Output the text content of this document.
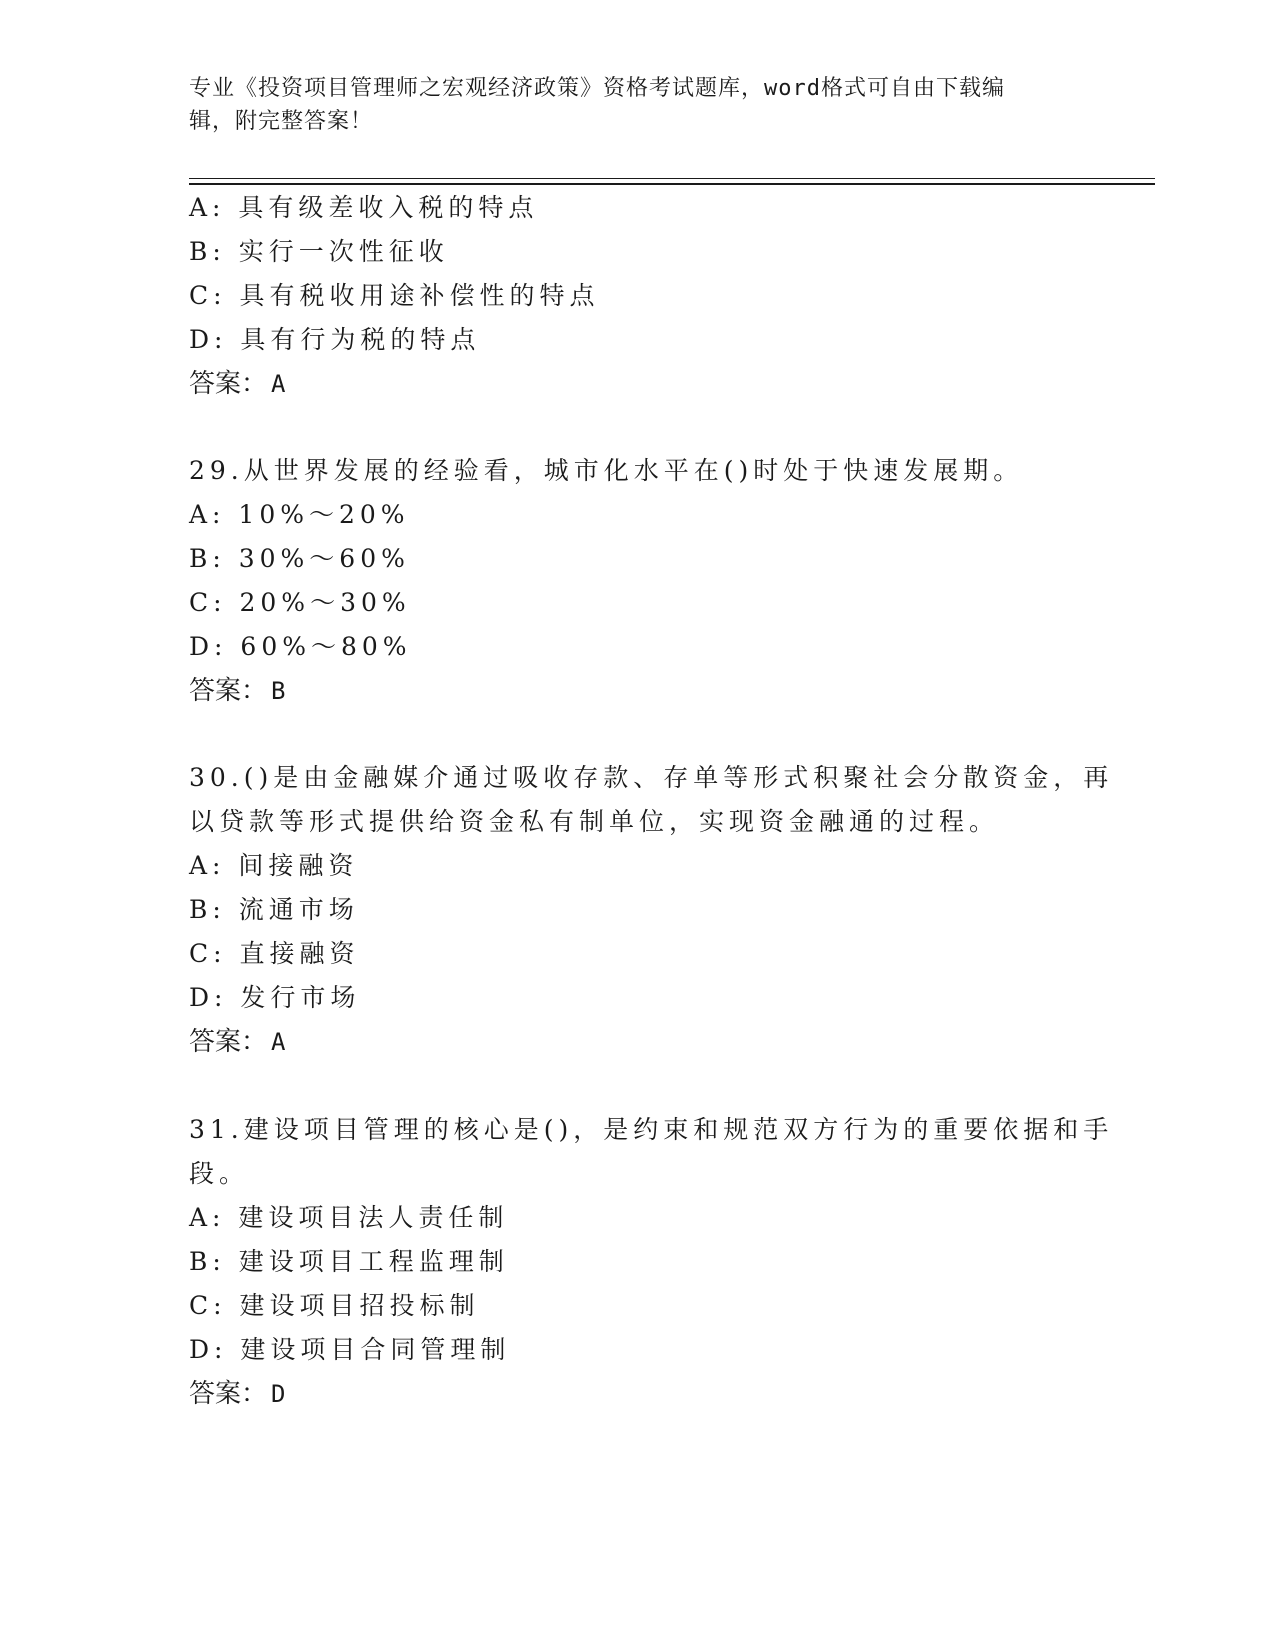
专业《投资项目管理师之宏观经济政策》资格考试题库，word格式可自由下载编
辑，附完整答案！
A: 具有级差收入税的特点
B: 实行一次性征收
C: 具有税收用途补偿性的特点
D: 具有行为税的特点
答案： A
29.从世界发展的经验看，城市化水平在()时处于快速发展期。
A: 10%～20%
B: 30%～60%
C: 20%～30%
D: 60%～80%
答案： B
30.()是由金融媒介通过吸收存款、存单等形式积聚社会分散资金，再
以贷款等形式提供给资金私有制单位，实现资金融通的过程。
A: 间接融资
B: 流通市场
C: 直接融资
D: 发行市场
答案： A
31.建设项目管理的核心是()，是约束和规范双方行为的重要依据和手
段。
A: 建设项目法人责任制
B: 建设项目工程监理制
C: 建设项目招投标制
D: 建设项目合同管理制
答案： D
